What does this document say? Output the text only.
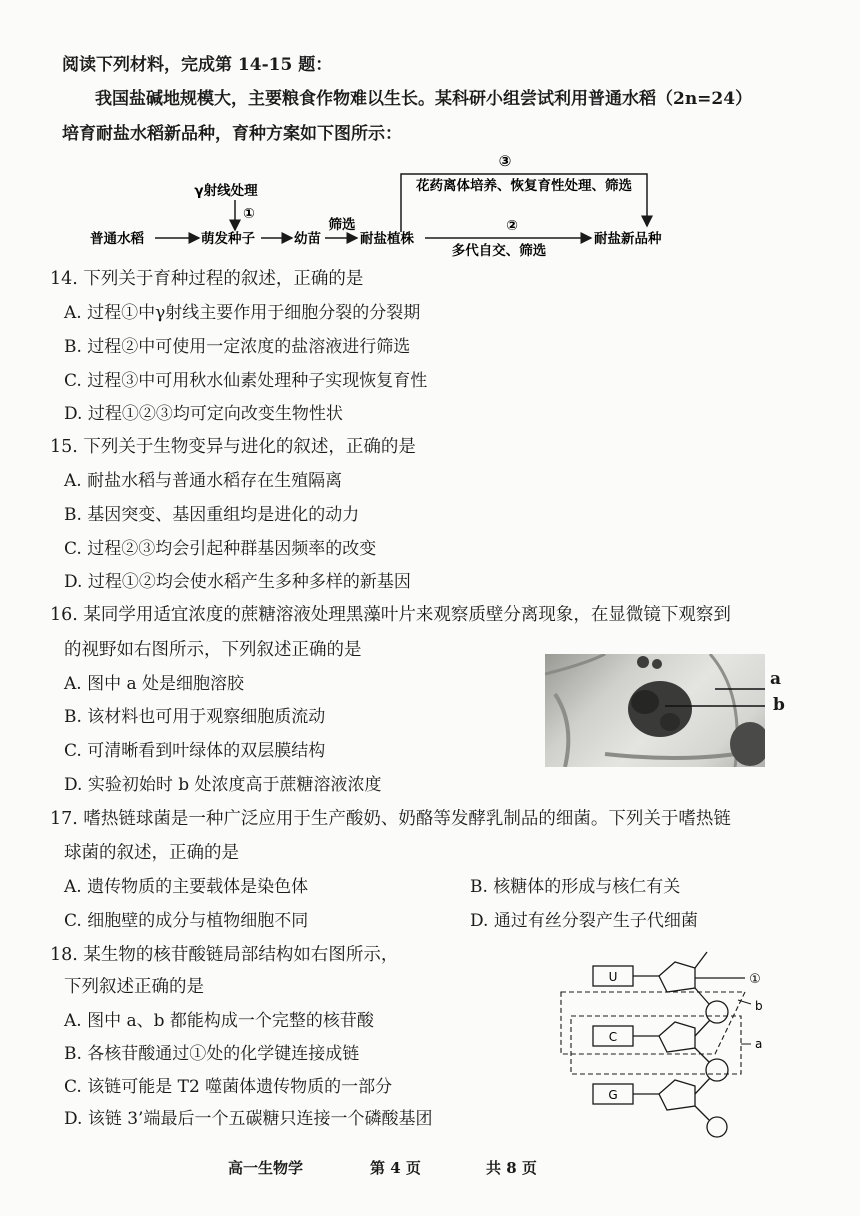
阅读下列材料，完成第 14-15 题：
我国盐碱地规模大，主要粮食作物难以生长。某科研小组尝试利用普通水稻（2n=24）
培育耐盐水稻新品种，育种方案如下图所示：
③
花药离体培养、恢复育性处理、筛选
γ射线处理
①
普通水稻	萌发种子	幼苗
筛选
耐盐植株
②
多代自交、筛选
耐盐新品种
14. 下列关于育种过程的叙述，正确的是
A. 过程①中γ射线主要作用于细胞分裂的分裂期
B. 过程②中可使用一定浓度的盐溶液进行筛选
C. 过程③中可用秋水仙素处理种子实现恢复育性
D. 过程①②③均可定向改变生物性状
15. 下列关于生物变异与进化的叙述，正确的是
A. 耐盐水稻与普通水稻存在生殖隔离
B. 基因突变、基因重组均是进化的动力
C. 过程②③均会引起种群基因频率的改变
D. 过程①②均会使水稻产生多种多样的新基因
16. 某同学用适宜浓度的蔗糖溶液处理黑藻叶片来观察质壁分离现象，在显微镜下观察到
的视野如右图所示，下列叙述正确的是
A. 图中 a 处是细胞溶胶
B. 该材料也可用于观察细胞质流动
C. 可清晰看到叶绿体的双层膜结构
D. 实验初始时 b 处浓度高于蔗糖溶液浓度
a
b
17. 嗜热链球菌是一种广泛应用于生产酸奶、奶酪等发酵乳制品的细菌。下列关于嗜热链
球菌的叙述，正确的是
A. 遗传物质的主要载体是染色体	B. 核糖体的形成与核仁有关
C. 细胞壁的成分与植物细胞不同	D. 通过有丝分裂产生子代细菌
18. 某生物的核苷酸链局部结构如右图所示，
下列叙述正确的是
A. 图中 a、b 都能构成一个完整的核苷酸
B. 各核苷酸通过①处的化学键连接成链
C. 该链可能是 T2 噬菌体遗传物质的一部分
D. 该链 3’端最后一个五碳糖只连接一个磷酸基团
U	①
C
G
b
a
高一生物学	第 4 页	共 8 页
